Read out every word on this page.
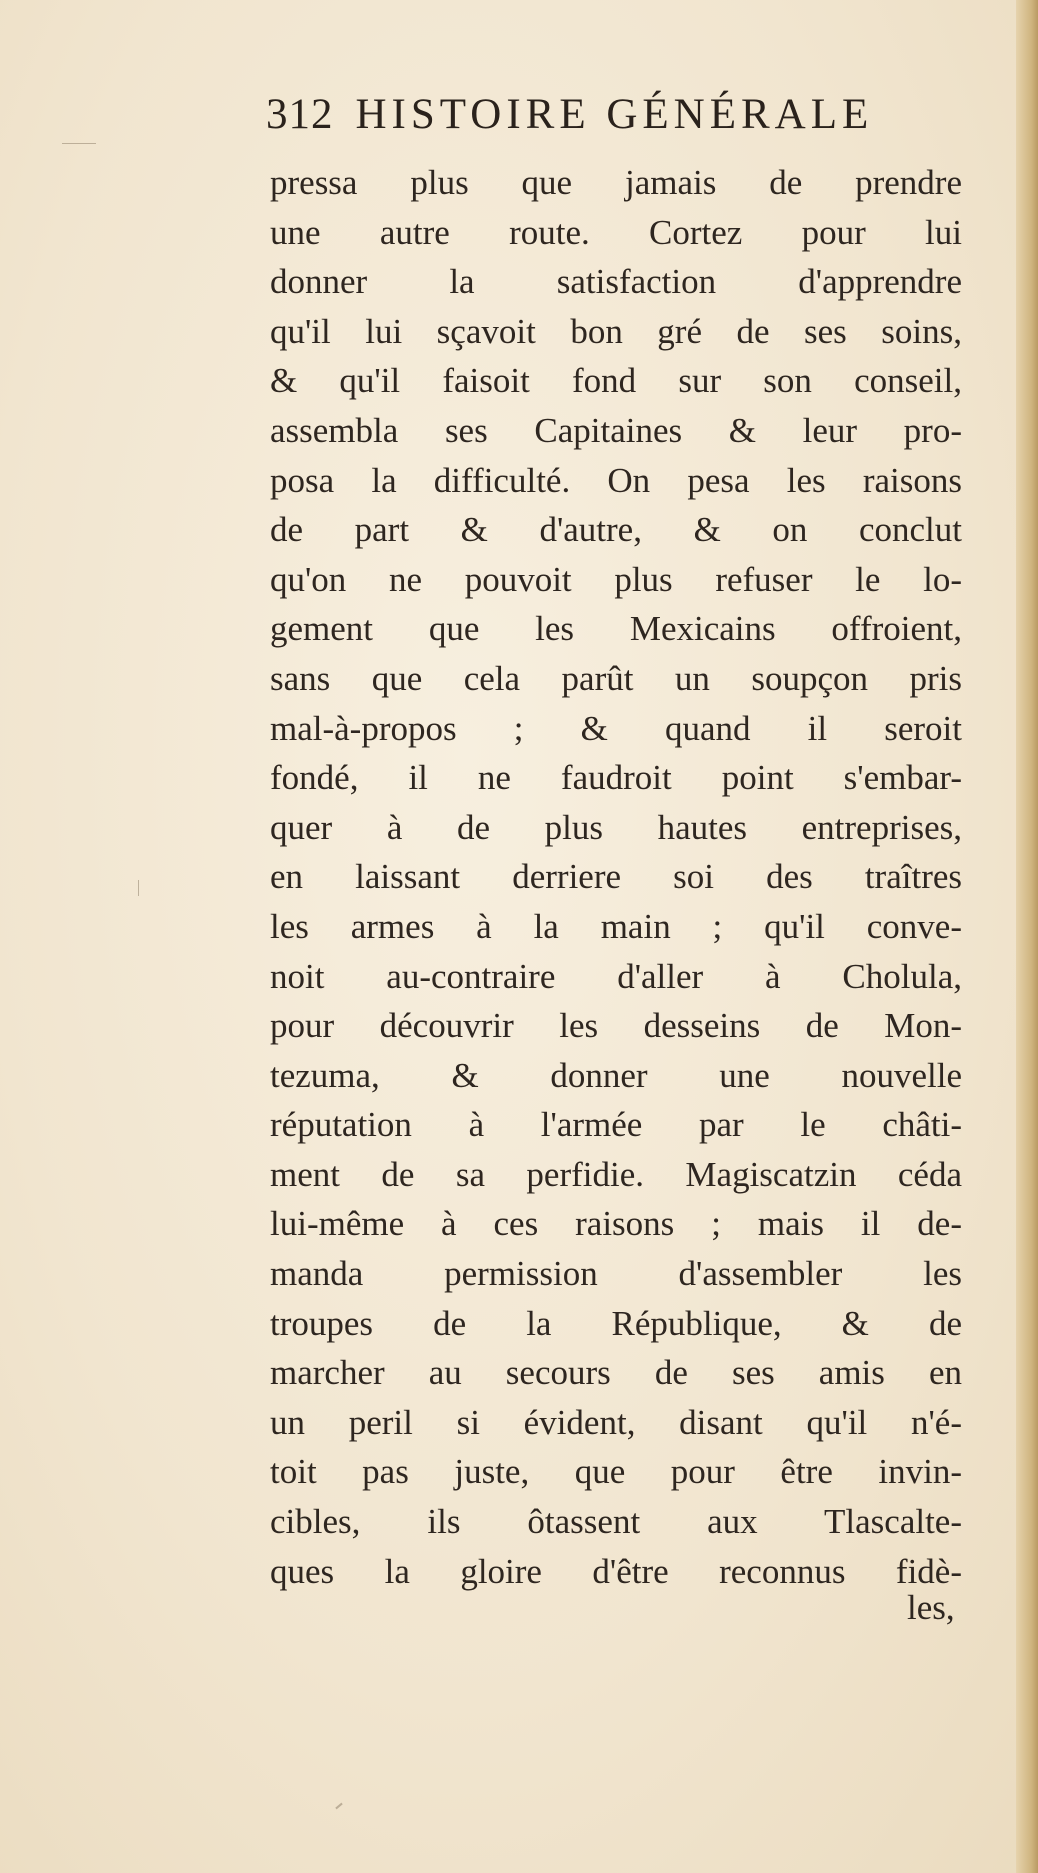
312 HISTOIRE GÉNÉRALE
pressa plus que jamais de prendre
une autre route. Cortez pour lui
donner la satisfaction d'apprendre
qu'il lui sçavoit bon gré de ses soins,
& qu'il faisoit fond sur son conseil,
assembla ses Capitaines & leur pro-
posa la difficulté. On pesa les raisons
de part & d'autre, & on conclut
qu'on ne pouvoit plus refuser le lo-
gement que les Mexicains offroient,
sans que cela parût un soupçon pris
mal-à-propos ; & quand il seroit
fondé, il ne faudroit point s'embar-
quer à de plus hautes entreprises,
en laissant derriere soi des traîtres
les armes à la main ; qu'il conve-
noit au-contraire d'aller à Cholula,
pour découvrir les desseins de Mon-
tezuma, & donner une nouvelle
réputation à l'armée par le châti-
ment de sa perfidie. Magiscatzin céda
lui-même à ces raisons ; mais il de-
manda permission d'assembler les
troupes de la République, & de
marcher au secours de ses amis en
un peril si évident, disant qu'il n'é-
toit pas juste, que pour être invin-
cibles, ils ôtassent aux Tlascalte-
ques la gloire d'être reconnus fidè-
les,
